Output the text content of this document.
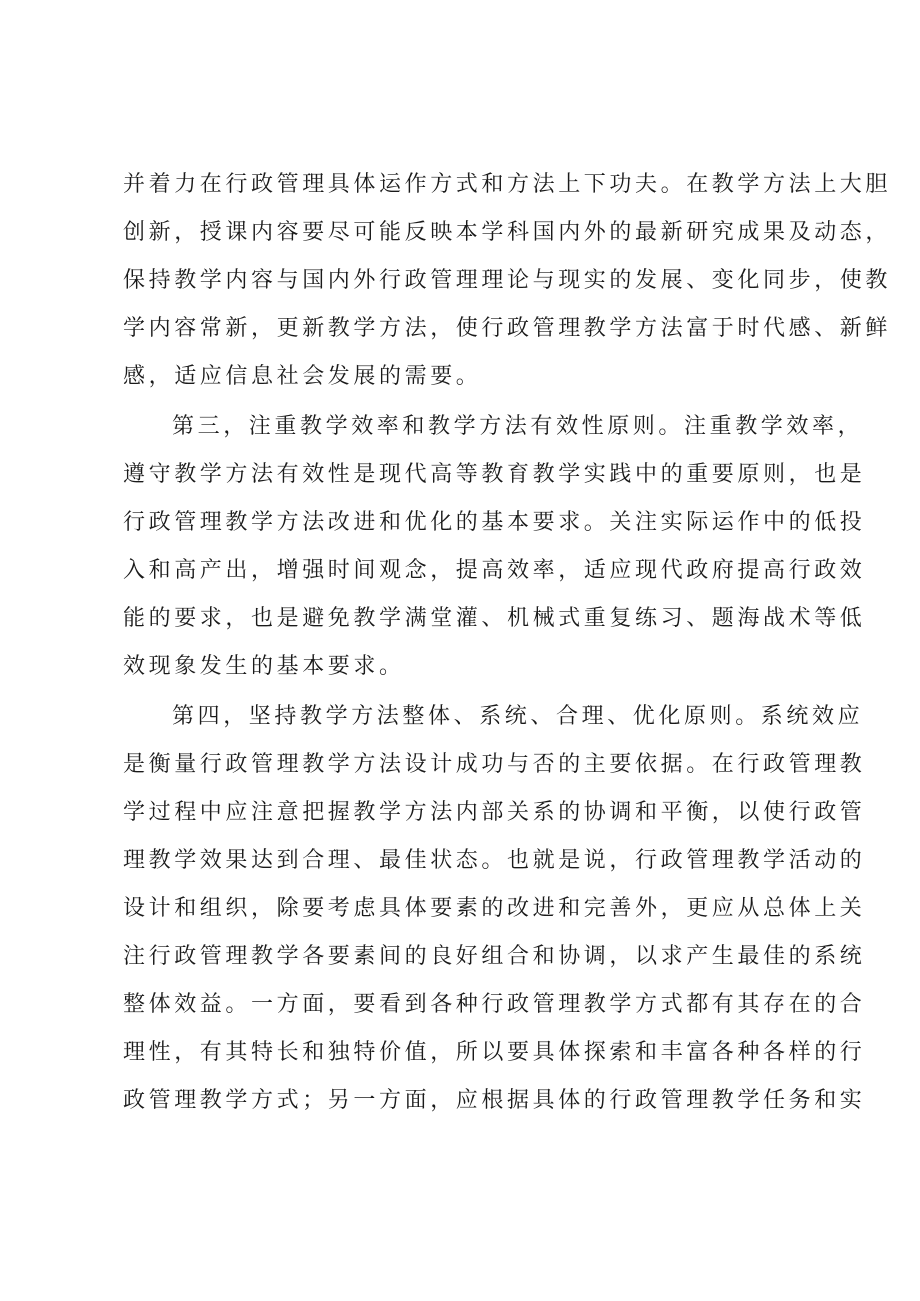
并着力在行政管理具体运作方式和方法上下功夫。在教学方法上大胆
创新，授课内容要尽可能反映本学科国内外的最新研究成果及动态，
保持教学内容与国内外行政管理理论与现实的发展、变化同步，使教
学内容常新，更新教学方法，使行政管理教学方法富于时代感、新鲜
感，适应信息社会发展的需要。
第三，注重教学效率和教学方法有效性原则。注重教学效率，
遵守教学方法有效性是现代高等教育教学实践中的重要原则，也是
行政管理教学方法改进和优化的基本要求。关注实际运作中的低投
入和高产出，增强时间观念，提高效率，适应现代政府提高行政效
能的要求，也是避免教学满堂灌、机械式重复练习、题海战术等低
效现象发生的基本要求。
第四，坚持教学方法整体、系统、合理、优化原则。系统效应
是衡量行政管理教学方法设计成功与否的主要依据。在行政管理教
学过程中应注意把握教学方法内部关系的协调和平衡，以使行政管
理教学效果达到合理、最佳状态。也就是说，行政管理教学活动的
设计和组织，除要考虑具体要素的改进和完善外，更应从总体上关
注行政管理教学各要素间的良好组合和协调，以求产生最佳的系统
整体效益。一方面，要看到各种行政管理教学方式都有其存在的合
理性，有其特长和独特价值，所以要具体探索和丰富各种各样的行
政管理教学方式；另一方面，应根据具体的行政管理教学任务和实
